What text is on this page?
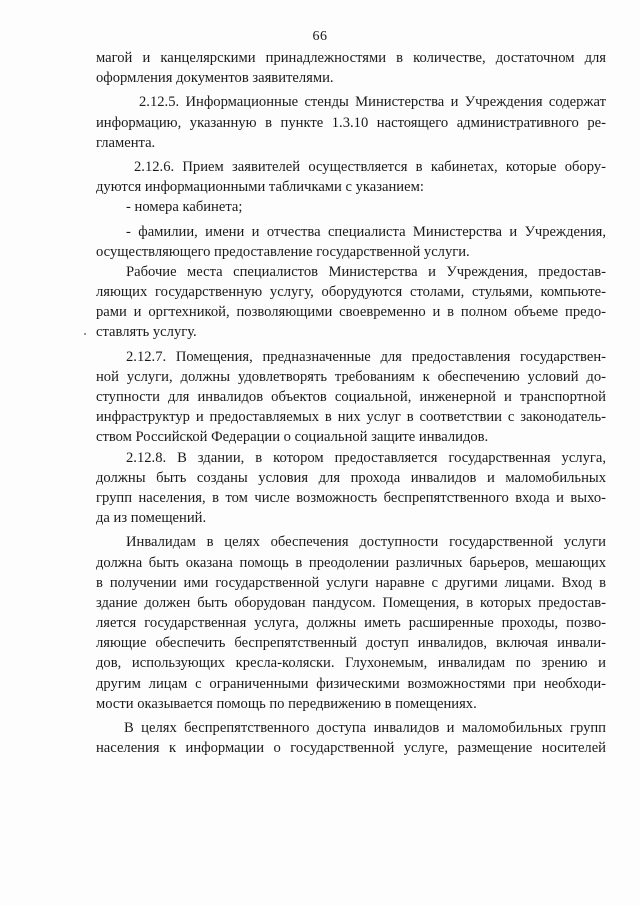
66
магой и канцелярскими принадлежностями в количестве, достаточном для
оформления документов заявителями.
2.12.5. Информационные стенды Министерства и Учреждения содержат
информацию, указанную в пункте 1.3.10 настоящего административного ре-
гламента.
2.12.6. Прием заявителей осуществляется в кабинетах, которые обору-
дуются информационными табличками с указанием:
- номера кабинета;
- фамилии, имени и отчества специалиста Министерства и Учреждения,
осуществляющего предоставление государственной услуги.
Рабочие места специалистов Министерства и Учреждения, предостав-
ляющих государственную услугу, оборудуются столами, стульями, компьюте-
рами и оргтехникой, позволяющими своевременно и в полном объеме предо-
ставлять услугу.
2.12.7. Помещения, предназначенные для предоставления государствен-
ной услуги, должны удовлетворять требованиям к обеспечению условий до-
ступности для инвалидов объектов социальной, инженерной и транспортной
инфраструктур и предоставляемых в них услуг в соответствии с законодатель-
ством Российской Федерации о социальной защите инвалидов.
2.12.8. В здании, в котором предоставляется государственная услуга,
должны быть созданы условия для прохода инвалидов и маломобильных
групп населения, в том числе возможность беспрепятственного входа и выхо-
да из помещений.
Инвалидам в целях обеспечения доступности государственной услуги
должна быть оказана помощь в преодолении различных барьеров, мешающих
в получении ими государственной услуги наравне с другими лицами. Вход в
здание должен быть оборудован пандусом. Помещения, в которых предостав-
ляется государственная услуга, должны иметь расширенные проходы, позво-
ляющие обеспечить беспрепятственный доступ инвалидов, включая инвали-
дов, использующих кресла-коляски. Глухонемым, инвалидам по зрению и
другим лицам с ограниченными физическими возможностями при необходи-
мости оказывается помощь по передвижению в помещениях.
В целях беспрепятственного доступа инвалидов и маломобильных групп
населения к информации о государственной услуге, размещение носителей
